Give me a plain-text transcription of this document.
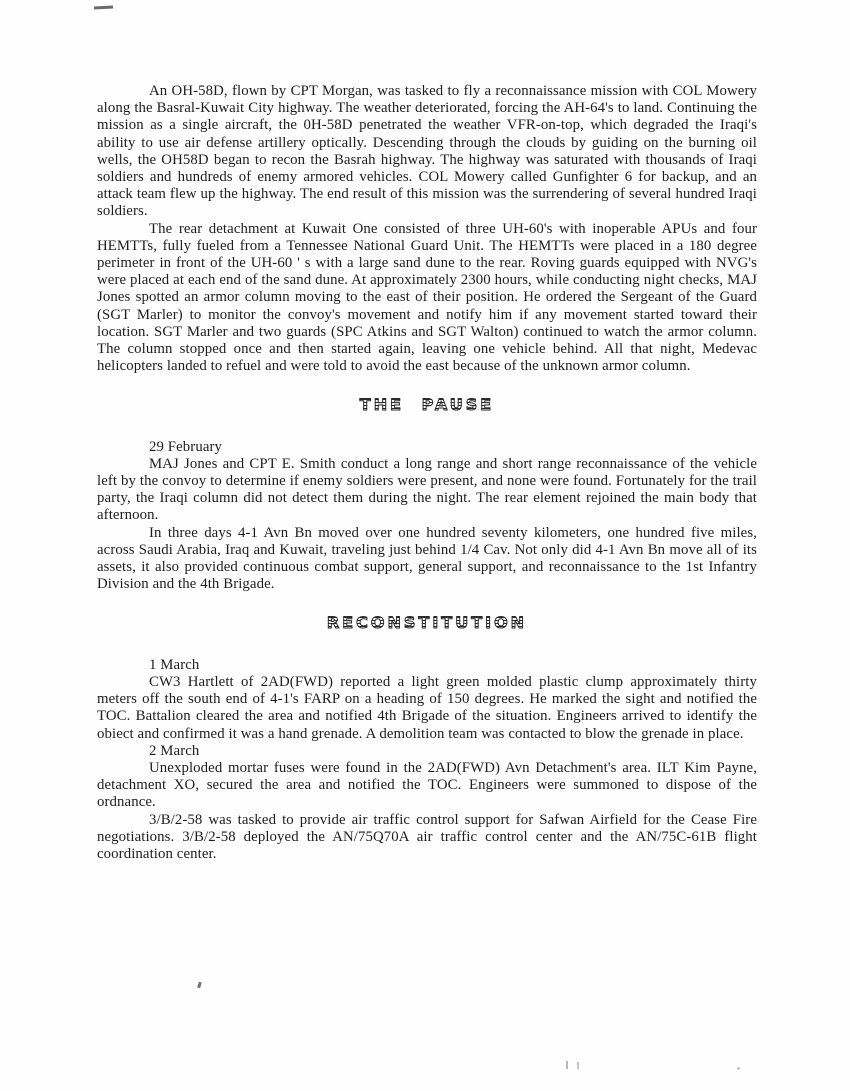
An OH-58D, flown by CPT Morgan, was tasked to fly a reconnaissance mission with COL Mowery along the Basral-Kuwait City highway. The weather deteriorated, forcing the AH-64's to land. Continuing the mission as a single aircraft, the 0H-58D penetrated the weather VFR-on-top, which degraded the Iraqi's ability to use air defense artillery optically. Descending through the clouds by guiding on the burning oil wells, the OH58D began to recon the Basrah highway. The highway was saturated with thousands of Iraqi soldiers and hundreds of enemy armored vehicles. COL Mowery called Gunfighter 6 for backup, and an attack team flew up the highway. The end result of this mission was the surrendering of several hundred Iraqi soldiers.

The rear detachment at Kuwait One consisted of three UH-60's with inoperable APUs and four HEMTTs, fully fueled from a Tennessee National Guard Unit. The HEMTTs were placed in a 180 degree perimeter in front of the UH-60 ' s with a large sand dune to the rear. Roving guards equipped with NVG's were placed at each end of the sand dune. At approximately 2300 hours, while conducting night checks, MAJ Jones spotted an armor column moving to the east of their position. He ordered the Sergeant of the Guard (SGT Marler) to monitor the convoy's movement and notify him if any movement started toward their location. SGT Marler and two guards (SPC Atkins and SGT Walton) continued to watch the armor column. The column stopped once and then started again, leaving one vehicle behind. All that night, Medevac helicopters landed to refuel and were told to avoid the east because of the unknown armor column.

THE PAUSE

29 February

MAJ Jones and CPT E. Smith conduct a long range and short range reconnaissance of the vehicle left by the convoy to determine if enemy soldiers were present, and none were found. Fortunately for the trail party, the Iraqi column did not detect them during the night. The rear element rejoined the main body that afternoon.

In three days 4-1 Avn Bn moved over one hundred seventy kilometers, one hundred five miles, across Saudi Arabia, Iraq and Kuwait, traveling just behind 1/4 Cav. Not only did 4-1 Avn Bn move all of its assets, it also provided continuous combat support, general support, and reconnaissance to the 1st Infantry Division and the 4th Brigade.

RECONSTITUTION

1 March

CW3 Hartlett of 2AD(FWD) reported a light green molded plastic clump approximately thirty meters off the south end of 4-1's FARP on a heading of 150 degrees. He marked the sight and notified the TOC. Battalion cleared the area and notified 4th Brigade of the situation. Engineers arrived to identify the obiect and confirmed it was a hand grenade. A demolition team was contacted to blow the grenade in place.

2 March

Unexploded mortar fuses were found in the 2AD(FWD) Avn Detachment's area. ILT Kim Payne, detachment XO, secured the area and notified the TOC. Engineers were summoned to dispose of the ordnance.

3/B/2-58 was tasked to provide air traffic control support for Safwan Airfield for the Cease Fire negotiations. 3/B/2-58 deployed the AN/75Q70A air traffic control center and the AN/75C-61B flight coordination center.
